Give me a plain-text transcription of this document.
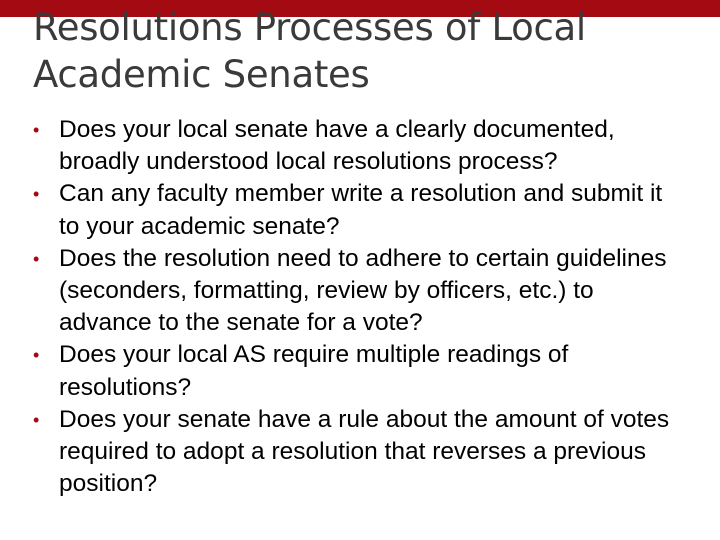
Resolutions Processes of Local Academic Senates
• Does your local senate have a clearly documented, broadly understood local resolutions process?
• Can any faculty member write a resolution and submit it to your academic senate?
• Does the resolution need to adhere to certain guidelines (seconders, formatting, review by officers, etc.) to advance to the senate for a vote?
• Does your local AS require multiple readings of resolutions?
• Does your senate have a rule about the amount of votes required to adopt a resolution that reverses a previous position?
